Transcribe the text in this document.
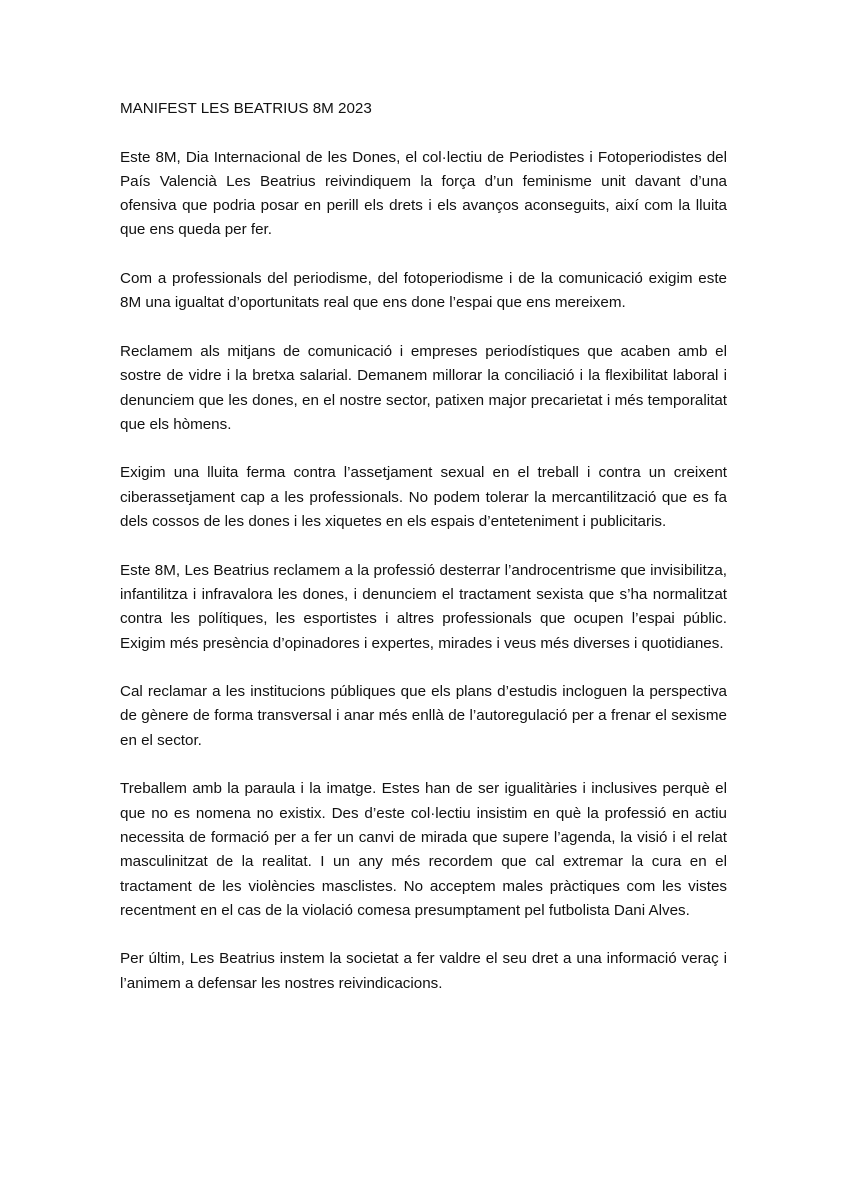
MANIFEST LES BEATRIUS 8M 2023

Este 8M, Dia Internacional de les Dones, el col·lectiu de Periodistes i Fotoperiodistes del País Valencià Les Beatrius reivindiquem la força d’un feminisme unit davant d’una ofensiva que podria posar en perill els drets i els avanços aconseguits, així com la lluita que ens queda per fer.

Com a professionals del periodisme, del fotoperiodisme i de la comunicació exigim este 8M una igualtat d’oportunitats real que ens done l’espai que ens mereixem.

Reclamem als mitjans de comunicació i empreses periodístiques que acaben amb el sostre de vidre i la bretxa salarial. Demanem millorar la conciliació i la flexibilitat laboral i denunciem que les dones, en el nostre sector, patixen major precarietat i més temporalitat que els hòmens.

Exigim una lluita ferma contra l’assetjament sexual en el treball i contra un creixent ciberassetjament cap a les professionals. No podem tolerar la mercantilització que es fa dels cossos de les dones i les xiquetes en els espais d’enteteniment i publicitaris.

Este 8M, Les Beatrius reclamem a la professió desterrar l’androcentrisme que invisibilitza, infantilitza i infravalora les dones, i denunciem el tractament sexista que s’ha normalitzat contra les polítiques, les esportistes i altres professionals que ocupen l’espai públic. Exigim més presència d’opinadores i expertes, mirades i veus més diverses i quotidianes.

Cal reclamar a les institucions públiques que els plans d’estudis incloguen la perspectiva de gènere de forma transversal i anar més enllà de l’autoregulació per a frenar el sexisme en el sector.

Treballem amb la paraula i la imatge. Estes han de ser igualitàries i inclusives perquè el que no es nomena no existix. Des d’este col·lectiu insistim en què la professió en actiu necessita de formació per a fer un canvi de mirada que supere l’agenda, la visió i el relat masculinitzat de la realitat. I un any més recordem que cal extremar la cura en el tractament de les violències masclistes. No acceptem males pràctiques com les vistes recentment en el cas de la violació comesa presumptament pel futbolista Dani Alves.

Per últim, Les Beatrius instem la societat a fer valdre el seu dret a una informació veraç i l’animem a defensar les nostres reivindicacions.
